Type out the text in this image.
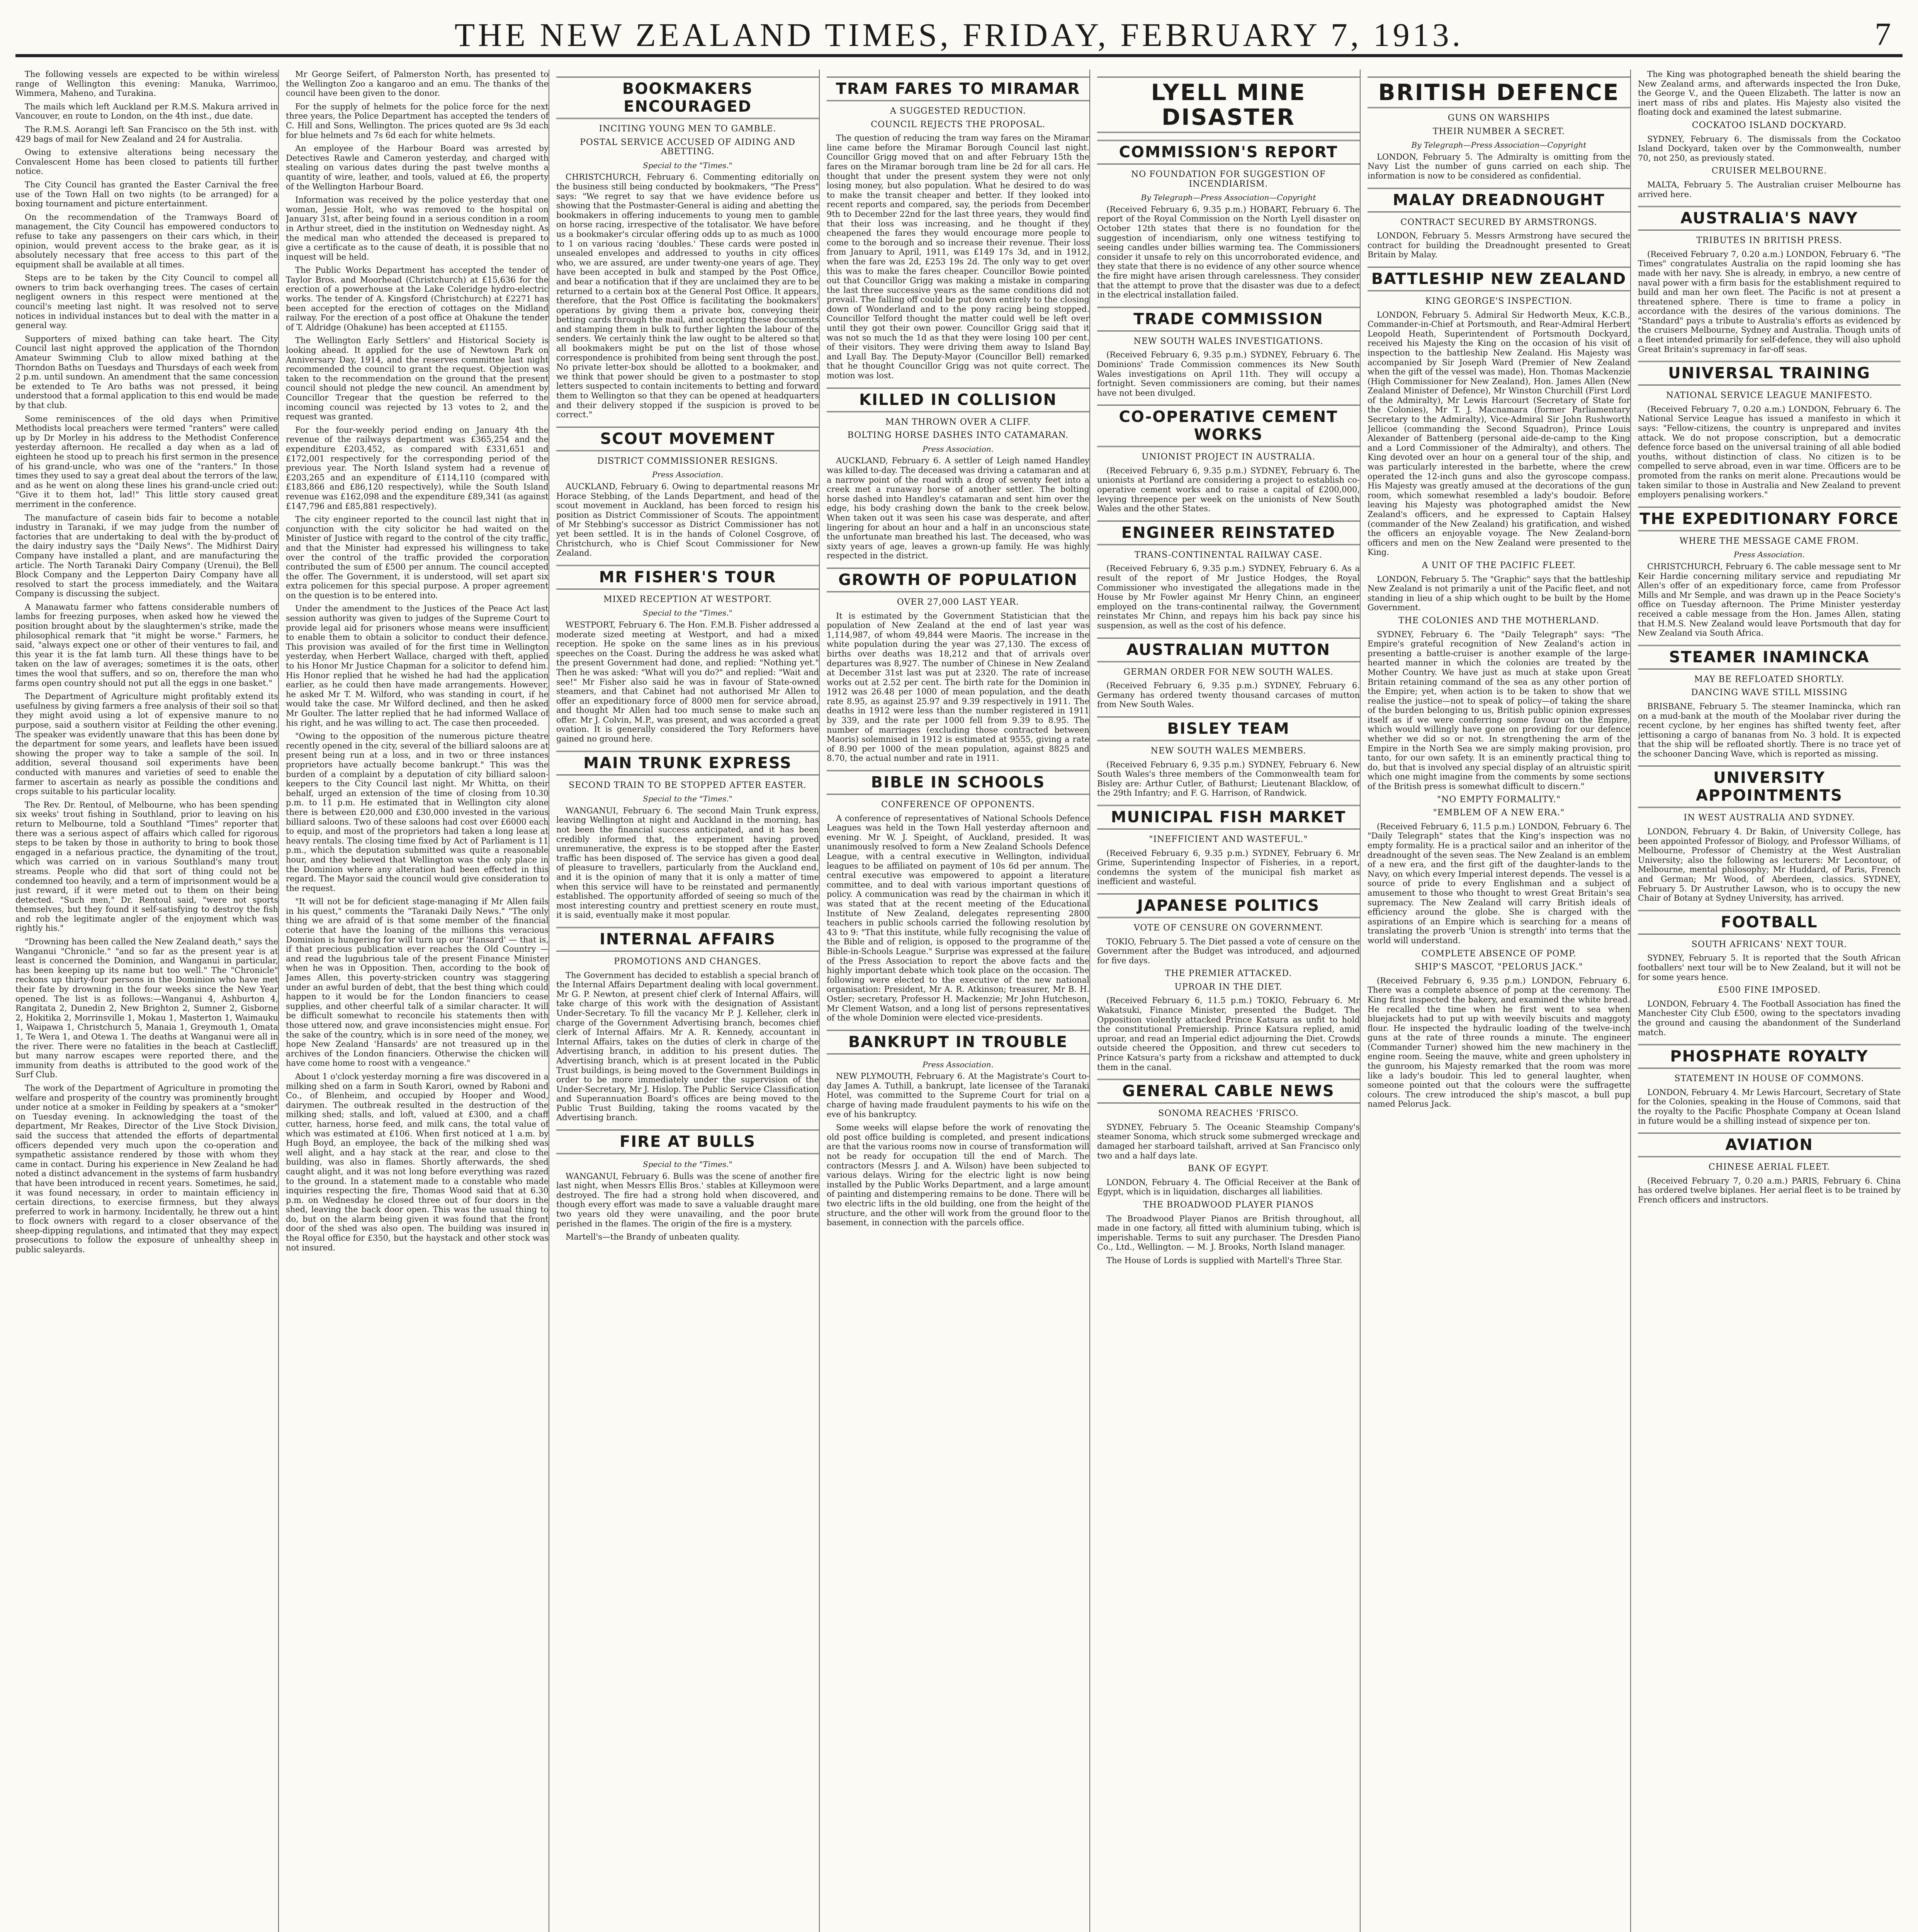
THE NEW ZEALAND TIMES, FRIDAY, FEBRUARY 7, 1913.	7

The following vessels are expected to be within wireless range of Wellington this evening: Manuka, Warrimoo, Wimmera, Maheno, and Turakina.

The mails which left Auckland per R.M.S. Makura arrived in Vancouver, en route to London, on the 4th inst., due date.

The R.M.S. Aorangi left San Francisco on the 5th inst. with 429 bags of mail for New Zealand and 24 for Australia.

Owing to extensive alterations being necessary the Convalescent Home has been closed to patients till further notice.

The City Council has granted the Easter Carnival the free use of the Town Hall on two nights (to be arranged) for a boxing tournament and picture entertainment.

On the recommendation of the Tramways Board of management, the City Council has empowered conductors to refuse to take any passengers on their cars which, in their opinion, would prevent access to the brake gear, as it is absolutely necessary that free access to this part of the equipment shall be available at all times.

Steps are to be taken by the City Council to compel all owners to trim back overhanging trees. The cases of certain negligent owners in this respect were mentioned at the council's meeting last night. It was resolved not to serve notices in individual instances but to deal with the matter in a general way.

Supporters of mixed bathing can take heart. The City Council last night approved the application of the Thorndon Amateur Swimming Club to allow mixed bathing at the Thorndon Baths on Tuesdays and Thursdays of each week from 2 p.m. until sundown. An amendment that the same concession be extended to Te Aro baths was not pressed, it being understood that a formal application to this end would be made by that club.

Some reminiscences of the old days when Primitive Methodists local preachers were termed "ranters" were called up by Dr Morley in his address to the Methodist Conference yesterday afternoon. He recalled a day when as a lad of eighteen he stood up to preach his first sermon in the presence of his grand-uncle, who was one of the "ranters." In those times they used to say a great deal about the terrors of the law, and as he went on along these lines his grand-uncle cried out: "Give it to them hot, lad!" This little story caused great merriment in the conference.

The manufacture of casein bids fair to become a notable industry in Taranaki, if we may judge from the number of factories that are undertaking to deal with the by-product of the dairy industry says the "Daily News". The Midhirst Dairy Company have installed a plant, and are manufacturing the article. The North Taranaki Dairy Company (Urenui), the Bell Block Company and the Lepperton Dairy Company have all resolved to start the process immediately, and the Waitara Company is discussing the subject.

A Manawatu farmer who fattens considerable numbers of lambs for freezing purposes, when asked how he viewed the position brought about by the slaughtermen's strike, made the philosophical remark that "it might be worse." Farmers, he said, "always expect one or other of their ventures to fail, and this year it is the fat lamb turn. All these things have to be taken on the law of averages; sometimes it is the oats, other times the wool that suffers, and so on, therefore the man who farms open country should not put all the eggs in one basket."

The Department of Agriculture might profitably extend its usefulness by giving farmers a free analysis of their soil so that they might avoid using a lot of expensive manure to no purpose, said a southern visitor at Feilding the other evening. The speaker was evidently unaware that this has been done by the department for some years, and leaflets have been issued showing the proper way to take a sample of the soil. In addition, several thousand soil experiments have been conducted with manures and varieties of seed to enable the farmer to ascertain as nearly as possible the conditions and crops suitable to his particular locality.

The Rev. Dr. Rentoul, of Melbourne, who has been spending six weeks' trout fishing in Southland, prior to leaving on his return to Melbourne, told a Southland "Times" reporter that there was a serious aspect of affairs which called for rigorous steps to be taken by those in authority to bring to book those engaged in a nefarious practice, the dynamiting of the trout, which was carried on in various Southland's many trout streams. People who did that sort of thing could not be condemned too heavily, and a term of imprisonment would be a just reward, if it were meted out to them on their being detected. "Such men," Dr. Rentoul said, "were not sports themselves, but they found it self-satisfying to destroy the fish and rob the legitimate angler of the enjoyment which was rightly his."

"Drowning has been called the New Zealand death," says the Wanganui "Chronicle." "and so far as the present year is at least is concerned the Dominion, and Wanganui in particular, has been keeping up its name but too well." The "Chronicle" reckons up thirty-four persons in the Dominion who have met their fate by drowning in the four weeks since the New Year opened. The list is as follows:—Wanganui 4, Ashburton 4, Rangitata 2, Dunedin 2, New Brighton 2, Sumner 2, Gisborne 2, Hokitika 2, Morrinsville 1, Mokau 1, Masterton 1, Waimauku 1, Waipawa 1, Christchurch 5, Manaia 1, Greymouth 1, Omata 1, Te Wera 1, and Otewa 1. The deaths at Wanganui were all in the river. There were no fatalities in the beach at Castlecliff, but many narrow escapes were reported there, and the immunity from deaths is attributed to the good work of the Surf Club.

The work of the Department of Agriculture in promoting the welfare and prosperity of the country was prominently brought under notice at a smoker in Feilding by speakers at a "smoker" on Tuesday evening. In acknowledging the toast of the department, Mr Reakes, Director of the Live Stock Division, said the success that attended the efforts of departmental officers depended very much upon the co-operation and sympathetic assistance rendered by those with whom they came in contact. During his experience in New Zealand he had noted a distinct advancement in the systems of farm husbandry that have been introduced in recent years. Sometimes, he said, it was found necessary, in order to maintain efficiency in certain directions, to exercise firmness, but they always preferred to work in harmony. Incidentally, he threw out a hint to flock owners with regard to a closer observance of the sheep-dipping regulations, and intimated that they may expect prosecutions to follow the exposure of unhealthy sheep in public saleyards.

Mr George Seifert, of Palmerston North, has presented to the Wellington Zoo a kangaroo and an emu. The thanks of the council have been given to the donor.

For the supply of helmets for the police force for the next three years, the Police Department has accepted the tenders of C. Hill and Sons, Wellington. The prices quoted are 9s 3d each for blue helmets and 7s 6d each for white helmets.

An employee of the Harbour Board was arrested by Detectives Rawle and Cameron yesterday, and charged with stealing on various dates during the past twelve months a quantity of wire, leather, and tools, valued at £6, the property of the Wellington Harbour Board.

Information was received by the police yesterday that one woman, Jessie Holt, who was removed to the hospital on January 31st, after being found in a serious condition in a room in Arthur street, died in the institution on Wednesday night. As the medical man who attended the deceased is prepared to give a certificate as to the cause of death, it is possible that no inquest will be held.

The Public Works Department has accepted the tender of Taylor Bros. and Moorhead (Christchurch) at £15,636 for the erection of a powerhouse at the Lake Coleridge hydro-electric works. The tender of A. Kingsford (Christchurch) at £2271 has been accepted for the erection of cottages on the Midland railway. For the erection of a post office at Ohakune the tender of T. Aldridge (Ohakune) has been accepted at £1155.

The Wellington Early Settlers' and Historical Society is looking ahead. It applied for the use of Newtown Park on Anniversary Day, 1914, and the reserves committee last night recommended the council to grant the request. Objection was taken to the recommendation on the ground that the present council should not pledge the new council. An amendment by Councillor Tregear that the question be referred to the incoming council was rejected by 13 votes to 2, and the request was granted.

For the four-weekly period ending on January 4th the revenue of the railways department was £365,254 and the expenditure £203,452, as compared with £331,651 and £172,001 respectively for the corresponding period of the previous year. The North Island system had a revenue of £203,265 and an expenditure of £114,110 (compared with £183,866 and £86,120 respectively), while the South Island revenue was £162,098 and the expenditure £89,341 (as against £147,796 and £85,881 respectively).

The city engineer reported to the council last night that in conjunction with the city solicitor he had waited on the Minister of Justice with regard to the control of the city traffic, and that the Minister had expressed his willingness to take over the control of the traffic provided the corporation contributed the sum of £500 per annum. The council accepted the offer. The Government, it is understood, will set apart six extra policemen for this special purpose. A proper agreement on the question is to be entered into.

Under the amendment to the Justices of the Peace Act last session authority was given to judges of the Supreme Court to provide legal aid for prisoners whose means were insufficient to enable them to obtain a solicitor to conduct their defence. This provision was availed of for the first time in Wellington yesterday, when Herbert Wallace, charged with theft, applied to his Honor Mr Justice Chapman for a solicitor to defend him. His Honor replied that he wished he had had the application earlier, as he could then have made arrangements. However, he asked Mr T. M. Wilford, who was standing in court, if he would take the case. Mr Wilford declined, and then he asked Mr Goulter. The latter replied that he had informed Wallace of his right, and he was willing to act. The case then proceeded.

"Owing to the opposition of the numerous picture theatre recently opened in the city, several of the billiard saloons are at present being run at a loss, and in two or three instances proprietors have actually become bankrupt." This was the burden of a complaint by a deputation of city billiard saloon-keepers to the City Council last night. Mr Whitta, on their behalf, urged an extension of the time of closing from 10.30 p.m. to 11 p.m. He estimated that in Wellington city alone there is between £20,000 and £30,000 invested in the various billiard saloons. Two of these saloons had cost over £6000 each to equip, and most of the proprietors had taken a long lease at heavy rentals. The closing time fixed by Act of Parliament is 11 p.m., which the deputation submitted was quite a reasonable hour, and they believed that Wellington was the only place in the Dominion where any alteration had been effected in this regard. The Mayor said the council would give consideration to the request.

"It will not be for deficient stage-managing if Mr Allen fails in his quest," comments the "Taranaki Daily News." "The only thing we are afraid of is that some member of the financial coterie that have the loaning of the millions this veracious Dominion is hungering for will turn up our 'Hansard' — that is, if that precious publication ever reaches the Old Country — and read the lugubrious tale of the present Finance Minister when he was in Opposition. Then, according to the book of James Allen, this poverty-stricken country was staggering under an awful burden of debt, that the best thing which could happen to it would be for the London financiers to cease supplies, and other cheerful talk of a similar character. It will be difficult somewhat to reconcile his statements then with those uttered now, and grave inconsistencies might ensue. For the sake of the country, which is in sore need of the money, we hope New Zealand 'Hansards' are not treasured up in the archives of the London financiers. Otherwise the chicken will have come home to roost with a vengeance."

About 1 o'clock yesterday morning a fire was discovered in a milking shed on a farm in South Karori, owned by Raboni and Co., of Blenheim, and occupied by Hooper and Wood, dairymen. The outbreak resulted in the destruction of the milking shed; stalls, and loft, valued at £300, and a chaff cutter, harness, horse feed, and milk cans, the total value of which was estimated at £106. When first noticed at 1 a.m. by Hugh Boyd, an employee, the back of the milking shed was well alight, and a hay stack at the rear, and close to the building, was also in flames. Shortly afterwards, the shed caught alight, and it was not long before everything was razed to the ground. In a statement made to a constable who made inquiries respecting the fire, Thomas Wood said that at 6.30 p.m. on Wednesday he closed three out of four doors in the shed, leaving the back door open. This was the usual thing to do, but on the alarm being given it was found that the front door of the shed was also open. The building was insured in the Royal office for £350, but the haystack and other stock was not insured.

BOOKMAKERS ENCOURAGED

INCITING YOUNG MEN TO GAMBLE.

POSTAL SERVICE ACCUSED OF AIDING AND ABETTING.

Special to the "Times."

CHRISTCHURCH, February 6. Commenting editorially on the business still being conducted by bookmakers, "The Press" says: "We regret to say that we have evidence before us showing that the Postmaster-General is aiding and abetting the bookmakers in offering inducements to young men to gamble on horse racing, irrespective of the totalisator. We have before us a bookmaker's circular offering odds up to as much as 1000 to 1 on various racing 'doubles.' These cards were posted in unsealed envelopes and addressed to youths in city offices who, we are assured, are under twenty-one years of age. They have been accepted in bulk and stamped by the Post Office, and bear a notification that if they are unclaimed they are to be returned to a certain box at the General Post Office. It appears, therefore, that the Post Office is facilitating the bookmakers' operations by giving them a private box, conveying their betting cards through the mail, and accepting these documents and stamping them in bulk to further lighten the labour of the senders. We certainly think the law ought to be altered so that all bookmakers might be put on the list of those whose correspondence is prohibited from being sent through the post. No private letter-box should be allotted to a bookmaker, and we think that power should be given to a postmaster to stop letters suspected to contain incitements to betting and forward them to Wellington so that they can be opened at headquarters and their delivery stopped if the suspicion is proved to be correct."

SCOUT MOVEMENT

DISTRICT COMMISSIONER RESIGNS.

Press Association.

AUCKLAND, February 6. Owing to departmental reasons Mr Horace Stebbing, of the Lands Department, and head of the scout movement in Auckland, has been forced to resign his position as District Commissioner of Scouts. The appointment of Mr Stebbing's successor as District Commissioner has not yet been settled. It is in the hands of Colonel Cosgrove, of Christchurch, who is Chief Scout Commissioner for New Zealand.

MR FISHER'S TOUR

MIXED RECEPTION AT WESTPORT.

Special to the "Times."

WESTPORT, February 6. The Hon. F.M.B. Fisher addressed a moderate sized meeting at Westport, and had a mixed reception. He spoke on the same lines as in his previous speeches on the Coast. During the address he was asked what the present Government had done, and replied: "Nothing yet." Then he was asked: "What will you do?" and replied: "Wait and see!" Mr Fisher also said he was in favour of State-owned steamers, and that Cabinet had not authorised Mr Allen to offer an expeditionary force of 8000 men for service abroad, and thought Mr Allen had too much sense to make such an offer. Mr J. Colvin, M.P., was present, and was accorded a great ovation. It is generally considered the Tory Reformers have gained no ground here.

MAIN TRUNK EXPRESS

SECOND TRAIN TO BE STOPPED AFTER EASTER.

Special to the "Times."

WANGANUI, February 6. The second Main Trunk express, leaving Wellington at night and Auckland in the morning, has not been the financial success anticipated, and it has been credibly informed that, the experiment having proved unremunerative, the express is to be stopped after the Easter traffic has been disposed of. The service has given a good deal of pleasure to travellers, particularly from the Auckland end, and it is the opinion of many that it is only a matter of time when this service will have to be reinstated and permanently established. The opportunity afforded of seeing so much of the most interesting country and prettiest scenery en route must, it is said, eventually make it most popular.

INTERNAL AFFAIRS

PROMOTIONS AND CHANGES.

The Government has decided to establish a special branch of the Internal Affairs Department dealing with local government. Mr G. P. Newton, at present chief clerk of Internal Affairs, will take charge of this work with the designation of Assistant Under-Secretary. To fill the vacancy Mr P. J. Kelleher, clerk in charge of the Government Advertising branch, becomes chief clerk of Internal Affairs. Mr A. R. Kennedy, accountant in Internal Affairs, takes on the duties of clerk in charge of the Advertising branch, in addition to his present duties. The Advertising branch, which is at present located in the Public Trust buildings, is being moved to the Government Buildings in order to be more immediately under the supervision of the Under-Secretary, Mr J. Hislop. The Public Service Classification and Superannuation Board's offices are being moved to the Public Trust Building, taking the rooms vacated by the Advertising branch.

FIRE AT BULLS

Special to the "Times."

WANGANUI, February 6. Bulls was the scene of another fire last night, when Messrs Ellis Bros.' stables at Killeymoon were destroyed. The fire had a strong hold when discovered, and though every effort was made to save a valuable draught mare two years old they were unavailing, and the poor brute perished in the flames. The origin of the fire is a mystery.

Martell's—the Brandy of unbeaten quality.

TRAM FARES TO MIRAMAR

A SUGGESTED REDUCTION.

COUNCIL REJECTS THE PROPOSAL.

The question of reducing the tram way fares on the Miramar line came before the Miramar Borough Council last night. Councillor Grigg moved that on and after February 15th the fares on the Miramar borough tram line be 2d for all cars. He thought that under the present system they were not only losing money, but also population. What he desired to do was to make the transit cheaper and better. If they looked into recent reports and compared, say, the periods from December 9th to December 22nd for the last three years, they would find that their loss was increasing, and he thought if they cheapened the fares they would encourage more people to come to the borough and so increase their revenue. Their loss from January to April, 1911, was £149 17s 3d, and in 1912, when the fare was 2d, £253 19s 2d. The only way to get over this was to make the fares cheaper. Councillor Bowie pointed out that Councillor Grigg was making a mistake in comparing the last three successive years as the same conditions did not prevail. The falling off could be put down entirely to the closing down of Wonderland and to the pony racing being stopped. Councillor Telford thought the matter could well be left over until they got their own power. Councillor Grigg said that it was not so much the 1d as that they were losing 100 per cent. of their visitors. They were driving them away to Island Bay and Lyall Bay. The Deputy-Mayor (Councillor Bell) remarked that he thought Councillor Grigg was not quite correct. The motion was lost.

KILLED IN COLLISION

MAN THROWN OVER A CLIFF.

BOLTING HORSE DASHES INTO CATAMARAN.

Press Association.

AUCKLAND, February 6. A settler of Leigh named Handley was killed to-day. The deceased was driving a catamaran and at a narrow point of the road with a drop of seventy feet into a creek met a runaway horse of another settler. The bolting horse dashed into Handley's catamaran and sent him over the edge, his body crashing down the bank to the creek below. When taken out it was seen his case was desperate, and after lingering for about an hour and a half in an unconscious state the unfortunate man breathed his last. The deceased, who was sixty years of age, leaves a grown-up family. He was highly respected in the district.

GROWTH OF POPULATION

OVER 27,000 LAST YEAR.

It is estimated by the Government Statistician that the population of New Zealand at the end of last year was 1,114,987, of whom 49,844 were Maoris. The increase in the white population during the year was 27,130. The excess of births over deaths was 18,212 and that of arrivals over departures was 8,927. The number of Chinese in New Zealand at December 31st last was put at 2320. The rate of increase works out at 2.52 per cent. The birth rate for the Dominion in 1912 was 26.48 per 1000 of mean population, and the death rate 8.95, as against 25.97 and 9.39 respectively in 1911. The deaths in 1912 were less than the number registered in 1911 by 339, and the rate per 1000 fell from 9.39 to 8.95. The number of marriages (excluding those contracted between Maoris) solemnised in 1912 is estimated at 9555, giving a rate of 8.90 per 1000 of the mean population, against 8825 and 8.70, the actual number and rate in 1911.

BIBLE IN SCHOOLS

CONFERENCE OF OPPONENTS.

A conference of representatives of National Schools Defence Leagues was held in the Town Hall yesterday afternoon and evening. Mr W. J. Speight, of Auckland, presided. It was unanimously resolved to form a New Zealand Schools Defence League, with a central executive in Wellington, individual leagues to be affiliated on payment of 10s 6d per annum. The central executive was empowered to appoint a literature committee, and to deal with various important questions of policy. A communication was read by the chairman in which it was stated that at the recent meeting of the Educational Institute of New Zealand, delegates representing 2800 teachers in public schools carried the following resolution by 43 to 9: "That this institute, while fully recognising the value of the Bible and of religion, is opposed to the programme of the Bible-in-Schools League." Surprise was expressed at the failure of the Press Association to report the above facts and the highly important debate which took place on the occasion. The following were elected to the executive of the new national organisation: President, Mr A. R. Atkinson; treasurer, Mr B. H. Ostler; secretary, Professor H. Mackenzie; Mr John Hutcheson, Mr Clement Watson, and a long list of persons representatives of the whole Dominion were elected vice-presidents.

BANKRUPT IN TROUBLE

Press Association.

NEW PLYMOUTH, February 6. At the Magistrate's Court to-day James A. Tuthill, a bankrupt, late licensee of the Taranaki Hotel, was committed to the Supreme Court for trial on a charge of having made fraudulent payments to his wife on the eve of his bankruptcy.

Some weeks will elapse before the work of renovating the old post office building is completed, and present indications are that the various rooms now in course of transformation will not be ready for occupation till the end of March. The contractors (Messrs J. and A. Wilson) have been subjected to various delays. Wiring for the electric light is now being installed by the Public Works Department, and a large amount of painting and distempering remains to be done. There will be two electric lifts in the old building, one from the height of the structure, and the other will work from the ground floor to the basement, in connection with the parcels office.

LYELL MINE DISASTER
COMMISSION'S REPORT

NO FOUNDATION FOR SUGGESTION OF INCENDIARISM.

By Telegraph—Press Association—Copyright

(Received February 6, 9.35 p.m.) HOBART, February 6. The report of the Royal Commission on the North Lyell disaster on October 12th states that there is no foundation for the suggestion of incendiarism, only one witness testifying to seeing candles under billies warming tea. The Commissioners consider it unsafe to rely on this uncorroborated evidence, and they state that there is no evidence of any other source whence the fire might have arisen through carelessness. They consider that the attempt to prove that the disaster was due to a defect in the electrical installation failed.

TRADE COMMISSION

NEW SOUTH WALES INVESTIGATIONS.

(Received February 6, 9.35 p.m.) SYDNEY, February 6. The Dominions' Trade Commission commences its New South Wales investigations on April 11th. They will occupy a fortnight. Seven commissioners are coming, but their names have not been divulged.

CO-OPERATIVE CEMENT WORKS

UNIONIST PROJECT IN AUSTRALIA.

(Received February 6, 9.35 p.m.) SYDNEY, February 6. The unionists at Portland are considering a project to establish co-operative cement works and to raise a capital of £200,000, levying threepence per week on the unionists of New South Wales and the other States.

ENGINEER REINSTATED

TRANS-CONTINENTAL RAILWAY CASE.

(Received February 6, 9.35 p.m.) SYDNEY, February 6. As a result of the report of Mr Justice Hodges, the Royal Commissioner who investigated the allegations made in the House by Mr Fowler against Mr Henry Chinn, an engineer employed on the trans-continental railway, the Government reinstates Mr Chinn, and repays him his back pay since his suspension, as well as the cost of his defence.

AUSTRALIAN MUTTON

GERMAN ORDER FOR NEW SOUTH WALES.

(Received February 6, 9.35 p.m.) SYDNEY, February 6. Germany has ordered twenty thousand carcases of mutton from New South Wales.

BISLEY TEAM

NEW SOUTH WALES MEMBERS.

(Received February 6, 9.35 p.m.) SYDNEY, February 6. New South Wales's three members of the Commonwealth team for Bisley are: Arthur Cutler, of Bathurst; Lieutenant Blacklow, of the 29th Infantry; and F. G. Harrison, of Randwick.

MUNICIPAL FISH MARKET

"INEFFICIENT AND WASTEFUL."

(Received February 6, 9.35 p.m.) SYDNEY, February 6. Mr Grime, Superintending Inspector of Fisheries, in a report, condemns the system of the municipal fish market as inefficient and wasteful.

JAPANESE POLITICS

VOTE OF CENSURE ON GOVERNMENT.

TOKIO, February 5. The Diet passed a vote of censure on the Government after the Budget was introduced, and adjourned for five days.

THE PREMIER ATTACKED.

UPROAR IN THE DIET.

(Received February 6, 11.5 p.m.) TOKIO, February 6. Mr Wakatsuki, Finance Minister, presented the Budget. The Opposition violently attacked Prince Katsura as unfit to hold the constitutional Premiership. Prince Katsura replied, amid uproar, and read an Imperial edict adjourning the Diet. Crowds outside cheered the Opposition, and threw cut seceders to Prince Katsura's party from a rickshaw and attempted to duck them in the canal.

GENERAL CABLE NEWS

SONOMA REACHES 'FRISCO.

SYDNEY, February 5. The Oceanic Steamship Company's steamer Sonoma, which struck some submerged wreckage and damaged her starboard tailshaft, arrived at San Francisco only two and a half days late.

BANK OF EGYPT.

LONDON, February 4. The Official Receiver at the Bank of Egypt, which is in liquidation, discharges all liabilities.

THE BROADWOOD PLAYER PIANOS

The Broadwood Player Pianos are British throughout, all made in one factory, all fitted with aluminium tubing, which is imperishable. Terms to suit any purchaser. The Dresden Piano Co., Ltd., Wellington. — M. J. Brooks, North Island manager.

The House of Lords is supplied with Martell's Three Star.

BRITISH DEFENCE

GUNS ON WARSHIPS

THEIR NUMBER A SECRET.

By Telegraph—Press Association—Copyright

LONDON, February 5. The Admiralty is omitting from the Navy List the number of guns carried on each ship. The information is now to be considered as confidential.

MALAY DREADNOUGHT

CONTRACT SECURED BY ARMSTRONGS.

LONDON, February 5. Messrs Armstrong have secured the contract for building the Dreadnought presented to Great Britain by Malay.

BATTLESHIP NEW ZEALAND

KING GEORGE'S INSPECTION.

LONDON, February 5. Admiral Sir Hedworth Meux, K.C.B., Commander-in-Chief at Portsmouth, and Rear-Admiral Herbert Leopold Heath, Superintendent of Portsmouth Dockyard, received his Majesty the King on the occasion of his visit of inspection to the battleship New Zealand. His Majesty was accompanied by Sir Joseph Ward (Premier of New Zealand when the gift of the vessel was made), Hon. Thomas Mackenzie (High Commissioner for New Zealand), Hon. James Allen (New Zealand Minister of Defence), Mr Winston Churchill (First Lord of the Admiralty), Mr Lewis Harcourt (Secretary of State for the Colonies), Mr T. J. Macnamara (former Parliamentary Secretary to the Admiralty), Vice-Admiral Sir John Rushworth Jellicoe (commanding the Second Squadron), Prince Louis Alexander of Battenberg (personal aide-de-camp to the King and a Lord Commissioner of the Admiralty), and others. The King devoted over an hour on a general tour of the ship, and was particularly interested in the barbette, where the crew operated the 12-inch guns and also the gyroscope compass. His Majesty was greatly amused at the decorations of the gun room, which somewhat resembled a lady's boudoir. Before leaving his Majesty was photographed amidst the New Zealand's officers, and he expressed to Captain Halsey (commander of the New Zealand) his gratification, and wished the officers an enjoyable voyage. The New Zealand-born officers and men on the New Zealand were presented to the King.

A UNIT OF THE PACIFIC FLEET.

LONDON, February 5. The "Graphic" says that the battleship New Zealand is not primarily a unit of the Pacific fleet, and not standing in lieu of a ship which ought to be built by the Home Government.

THE COLONIES AND THE MOTHERLAND.

SYDNEY, February 6. The "Daily Telegraph" says: "The Empire's grateful recognition of New Zealand's action in presenting a battle-cruiser is another example of the large-hearted manner in which the colonies are treated by the Mother Country. We have just as much at stake upon Great Britain retaining command of the sea as any other portion of the Empire; yet, when action is to be taken to show that we realise the justice—not to speak of policy—of taking the share of the burden belonging to us, British public opinion expresses itself as if we were conferring some favour on the Empire, which would willingly have gone on providing for our defence whether we did so or not. In strengthening the arm of the Empire in the North Sea we are simply making provision, pro tanto, for our own safety. It is an eminently practical thing to do, but that is involved any special display of an altruistic spirit which one might imagine from the comments by some sections of the British press is somewhat difficult to discern."

"NO EMPTY FORMALITY."

"EMBLEM OF A NEW ERA."

(Received February 6, 11.5 p.m.) LONDON, February 6. The "Daily Telegraph" states that the King's inspection was no empty formality. He is a practical sailor and an inheritor of the dreadnought of the seven seas. The New Zealand is an emblem of a new era, and the first gift of the daughter-lands to the Navy, on which every Imperial interest depends. The vessel is a source of pride to every Englishman and a subject of amusement to those who thought to wrest Great Britain's sea supremacy. The New Zealand will carry British ideals of efficiency around the globe. She is charged with the aspirations of an Empire which is searching for a means of translating the proverb 'Union is strength' into terms that the world will understand.

COMPLETE ABSENCE OF POMP.

SHIP'S MASCOT, "PELORUS JACK."

(Received February 6, 9.35 p.m.) LONDON, February 6. There was a complete absence of pomp at the ceremony. The King first inspected the bakery, and examined the white bread. He recalled the time when he first went to sea when bluejackets had to put up with weevily biscuits and maggoty flour. He inspected the hydraulic loading of the twelve-inch guns at the rate of three rounds a minute. The engineer (Commander Turner) showed him the new machinery in the engine room. Seeing the mauve, white and green upholstery in the gunroom, his Majesty remarked that the room was more like a lady's boudoir. This led to general laughter, when someone pointed out that the colours were the suffragette colours. The crew introduced the ship's mascot, a bull pup named Pelorus Jack.

The King was photographed beneath the shield bearing the New Zealand arms, and afterwards inspected the Iron Duke, the George V., and the Queen Elizabeth. The latter is now an inert mass of ribs and plates. His Majesty also visited the floating dock and examined the latest submarine.

COCKATOO ISLAND DOCKYARD.

SYDNEY, February 6. The dismissals from the Cockatoo Island Dockyard, taken over by the Commonwealth, number 70, not 250, as previously stated.

CRUISER MELBOURNE.

MALTA, February 5. The Australian cruiser Melbourne has arrived here.

AUSTRALIA'S NAVY

TRIBUTES IN BRITISH PRESS.

(Received February 7, 0.20 a.m.) LONDON, February 6. "The Times" congratulates Australia on the rapid looming she has made with her navy. She is already, in embryo, a new centre of naval power with a firm basis for the establishment required to build and man her own fleet. The Pacific is not at present a threatened sphere. There is time to frame a policy in accordance with the desires of the various dominions. The "Standard" pays a tribute to Australia's efforts as evidenced by the cruisers Melbourne, Sydney and Australia. Though units of a fleet intended primarily for self-defence, they will also uphold Great Britain's supremacy in far-off seas.

UNIVERSAL TRAINING

NATIONAL SERVICE LEAGUE MANIFESTO.

(Received February 7, 0.20 a.m.) LONDON, February 6. The National Service League has issued a manifesto in which it says: "Fellow-citizens, the country is unprepared and invites attack. We do not propose conscription, but a democratic defence force based on the universal training of all able bodied youths, without distinction of class. No citizen is to be compelled to serve abroad, even in war time. Officers are to be promoted from the ranks on merit alone. Precautions would be taken similar to those in Australia and New Zealand to prevent employers penalising workers."

THE EXPEDITIONARY FORCE

WHERE THE MESSAGE CAME FROM.

Press Association.

CHRISTCHURCH, February 6. The cable message sent to Mr Keir Hardie concerning military service and repudiating Mr Allen's offer of an expeditionary force, came from Professor Mills and Mr Semple, and was drawn up in the Peace Society's office on Tuesday afternoon. The Prime Minister yesterday received a cable message from the Hon. James Allen, stating that H.M.S. New Zealand would leave Portsmouth that day for New Zealand via South Africa.

STEAMER INAMINCKA

MAY BE REFLOATED SHORTLY.

DANCING WAVE STILL MISSING

BRISBANE, February 5. The steamer Inamincka, which ran on a mud-bank at the mouth of the Moolabar river during the recent cyclone, by her engines has shifted twenty feet, after jettisoning a cargo of bananas from No. 3 hold. It is expected that the ship will be refloated shortly. There is no trace yet of the schooner Dancing Wave, which is reported as missing.

UNIVERSITY APPOINTMENTS

IN WEST AUSTRALIA AND SYDNEY.

LONDON, February 4. Dr Bakin, of University College, has been appointed Professor of Biology, and Professor Williams, of Melbourne, Professor of Chemistry at the West Australian University; also the following as lecturers: Mr Lecontour, of Melbourne, mental philosophy; Mr Huddard, of Paris, French and German; Mr Wood, of Aberdeen, classics. SYDNEY, February 5. Dr Austruther Lawson, who is to occupy the new Chair of Botany at Sydney University, has arrived.

FOOTBALL

SOUTH AFRICANS' NEXT TOUR.

SYDNEY, February 5. It is reported that the South African footballers' next tour will be to New Zealand, but it will not be for some years hence.

£500 FINE IMPOSED.

LONDON, February 4. The Football Association has fined the Manchester City Club £500, owing to the spectators invading the ground and causing the abandonment of the Sunderland match.

PHOSPHATE ROYALTY

STATEMENT IN HOUSE OF COMMONS.

LONDON, February 4. Mr Lewis Harcourt, Secretary of State for the Colonies, speaking in the House of Commons, said that the royalty to the Pacific Phosphate Company at Ocean Island in future would be a shilling instead of sixpence per ton.

AVIATION

CHINESE AERIAL FLEET.

(Received February 7, 0.20 a.m.) PARIS, February 6. China has ordered twelve biplanes. Her aerial fleet is to be trained by French officers and instructors.
